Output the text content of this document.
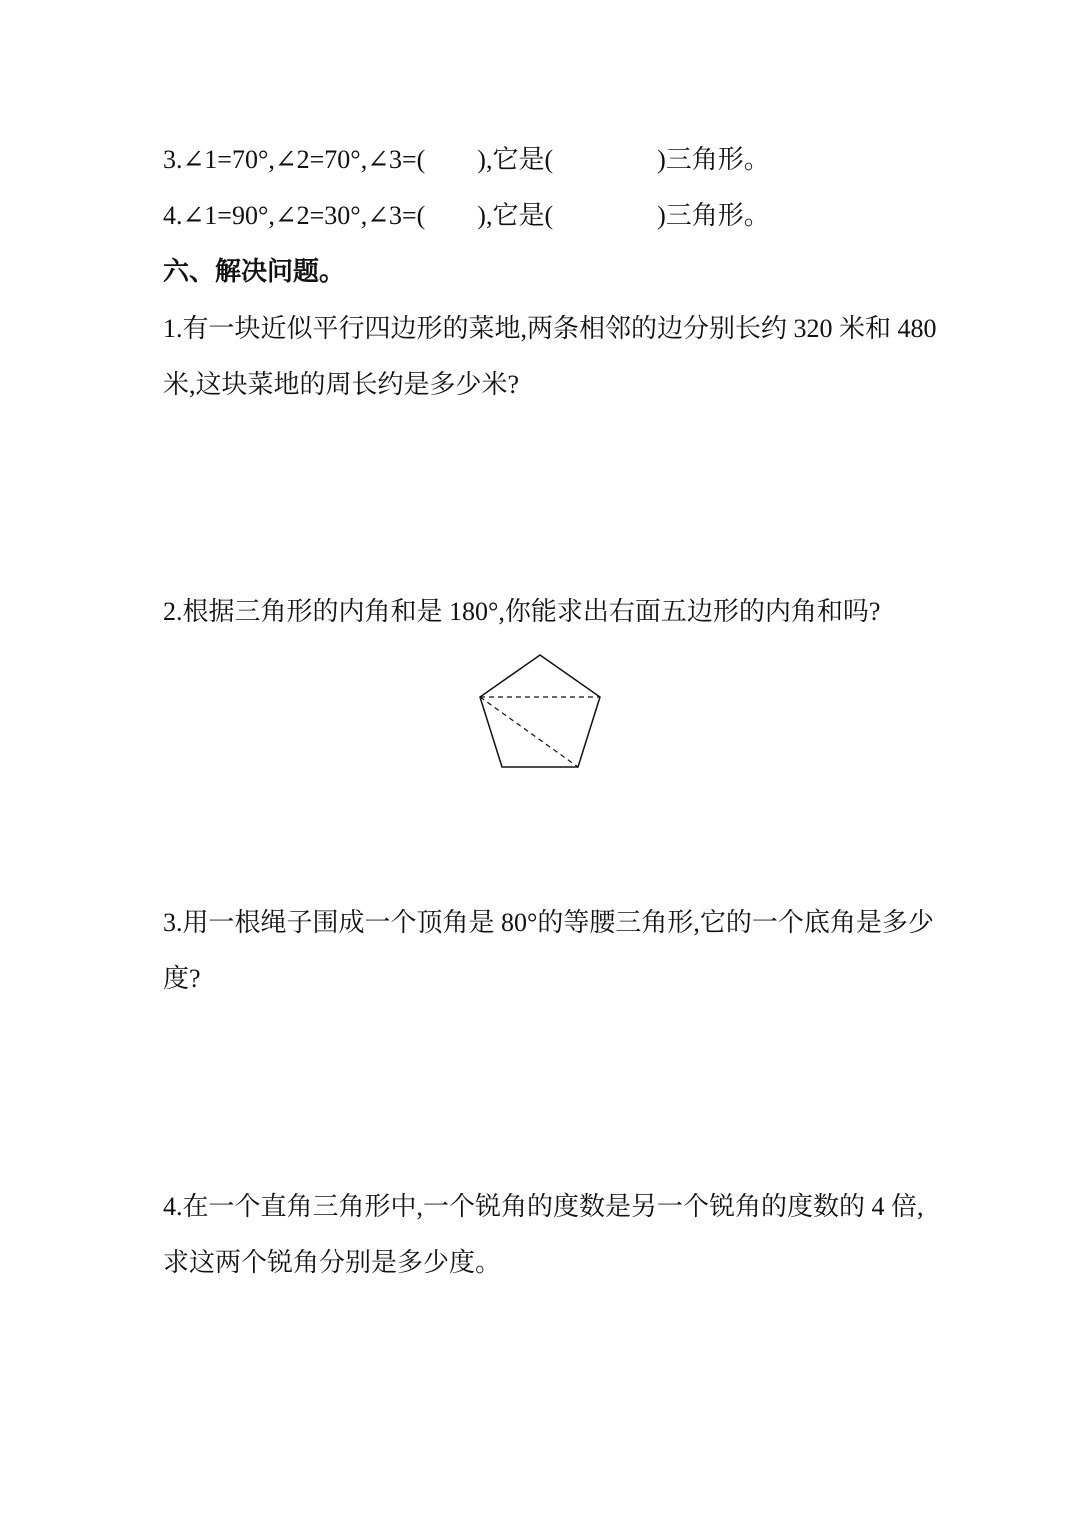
3.∠1=70°,∠2=70°,∠3=(        ),它是(                )三角形。
4.∠1=90°,∠2=30°,∠3=(        ),它是(                )三角形。
六、解决问题。
1.有一块近似平行四边形的菜地,两条相邻的边分别长约 320 米和 480
米,这块菜地的周长约是多少米?
2.根据三角形的内角和是 180°,你能求出右面五边形的内角和吗?
3.用一根绳子围成一个顶角是 80°的等腰三角形,它的一个底角是多少
度?
4.在一个直角三角形中,一个锐角的度数是另一个锐角的度数的 4 倍,
求这两个锐角分别是多少度。
